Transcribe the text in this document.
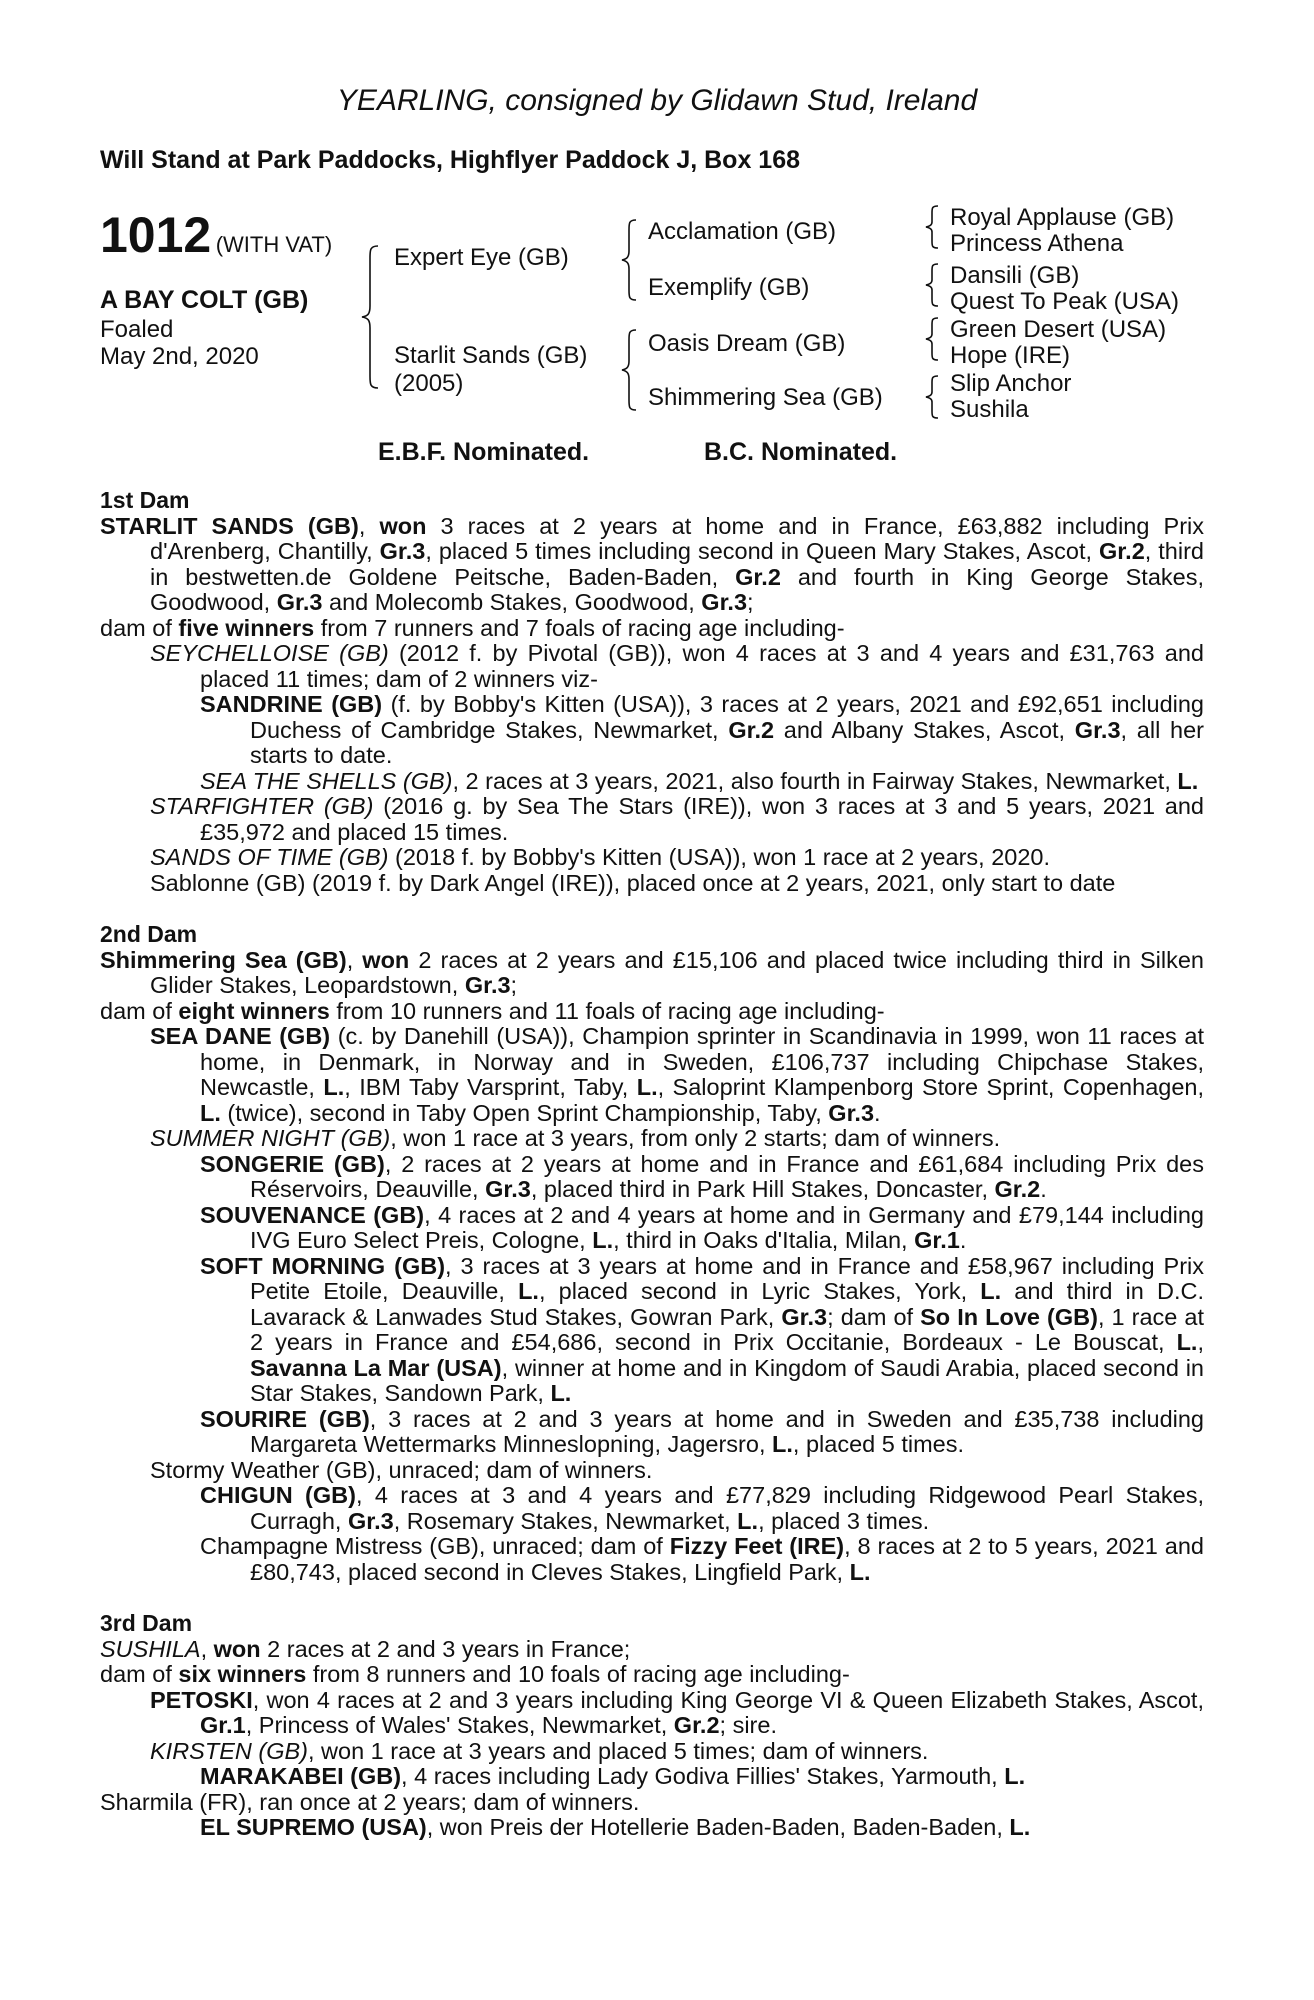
YEARLING, consigned by Glidawn Stud, Ireland
Will Stand at Park Paddocks, Highflyer Paddock J, Box 168
1012 (WITH VAT)
A BAY COLT (GB)
Foaled
May 2nd, 2020
Expert Eye (GB)
Starlit Sands (GB)
(2005)
Acclamation (GB)
Exemplify (GB)
Oasis Dream (GB)
Shimmering Sea (GB)
Royal Applause (GB)
Princess Athena
Dansili (GB)
Quest To Peak (USA)
Green Desert (USA)
Hope (IRE)
Slip Anchor
Sushila
E.B.F. Nominated.	B.C. Nominated.

1st Dam

STARLIT SANDS (GB), won 3 races at 2 years at home and in France, £63,882 including Prix d'Arenberg, Chantilly, Gr.3, placed 5 times including second in Queen Mary Stakes, Ascot, Gr.2, third in bestwetten.de Goldene Peitsche, Baden-Baden, Gr.2 and fourth in King George Stakes, Goodwood, Gr.3 and Molecomb Stakes, Goodwood, Gr.3;

dam of five winners from 7 runners and 7 foals of racing age including-

SEYCHELLOISE (GB) (2012 f. by Pivotal (GB)), won 4 races at 3 and 4 years and £31,763 and placed 11 times; dam of 2 winners viz-

SANDRINE (GB) (f. by Bobby's Kitten (USA)), 3 races at 2 years, 2021 and £92,651 including Duchess of Cambridge Stakes, Newmarket, Gr.2 and Albany Stakes, Ascot, Gr.3, all her starts to date.

SEA THE SHELLS (GB), 2 races at 3 years, 2021, also fourth in Fairway Stakes, Newmarket, L.

STARFIGHTER (GB) (2016 g. by Sea The Stars (IRE)), won 3 races at 3 and 5 years, 2021 and £35,972 and placed 15 times.

SANDS OF TIME (GB) (2018 f. by Bobby's Kitten (USA)), won 1 race at 2 years, 2020.

Sablonne (GB) (2019 f. by Dark Angel (IRE)), placed once at 2 years, 2021, only start to date

2nd Dam

Shimmering Sea (GB), won 2 races at 2 years and £15,106 and placed twice including third in Silken Glider Stakes, Leopardstown, Gr.3;

dam of eight winners from 10 runners and 11 foals of racing age including-

SEA DANE (GB) (c. by Danehill (USA)), Champion sprinter in Scandinavia in 1999, won 11 races at home, in Denmark, in Norway and in Sweden, £106,737 including Chipchase Stakes, Newcastle, L., IBM Taby Varsprint, Taby, L., Saloprint Klampenborg Store Sprint, Copenhagen, L. (twice), second in Taby Open Sprint Championship, Taby, Gr.3.

SUMMER NIGHT (GB), won 1 race at 3 years, from only 2 starts; dam of winners.

SONGERIE (GB), 2 races at 2 years at home and in France and £61,684 including Prix des Réservoirs, Deauville, Gr.3, placed third in Park Hill Stakes, Doncaster, Gr.2.

SOUVENANCE (GB), 4 races at 2 and 4 years at home and in Germany and £79,144 including IVG Euro Select Preis, Cologne, L., third in Oaks d'Italia, Milan, Gr.1.

SOFT MORNING (GB), 3 races at 3 years at home and in France and £58,967 including Prix Petite Etoile, Deauville, L., placed second in Lyric Stakes, York, L. and third in D.C. Lavarack & Lanwades Stud Stakes, Gowran Park, Gr.3; dam of So In Love (GB), 1 race at 2 years in France and £54,686, second in Prix Occitanie, Bordeaux - Le Bouscat, L., Savanna La Mar (USA), winner at home and in Kingdom of Saudi Arabia, placed second in Star Stakes, Sandown Park, L.

SOURIRE (GB), 3 races at 2 and 3 years at home and in Sweden and £35,738 including Margareta Wettermarks Minneslopning, Jagersro, L., placed 5 times.

Stormy Weather (GB), unraced; dam of winners.

CHIGUN (GB), 4 races at 3 and 4 years and £77,829 including Ridgewood Pearl Stakes, Curragh, Gr.3, Rosemary Stakes, Newmarket, L., placed 3 times.

Champagne Mistress (GB), unraced; dam of Fizzy Feet (IRE), 8 races at 2 to 5 years, 2021 and £80,743, placed second in Cleves Stakes, Lingfield Park, L.

3rd Dam

SUSHILA, won 2 races at 2 and 3 years in France;

dam of six winners from 8 runners and 10 foals of racing age including-

PETOSKI, won 4 races at 2 and 3 years including King George VI & Queen Elizabeth Stakes, Ascot, Gr.1, Princess of Wales' Stakes, Newmarket, Gr.2; sire.

KIRSTEN (GB), won 1 race at 3 years and placed 5 times; dam of winners.

MARAKABEI (GB), 4 races including Lady Godiva Fillies' Stakes, Yarmouth, L.

Sharmila (FR), ran once at 2 years; dam of winners.

EL SUPREMO (USA), won Preis der Hotellerie Baden-Baden, Baden-Baden, L.
